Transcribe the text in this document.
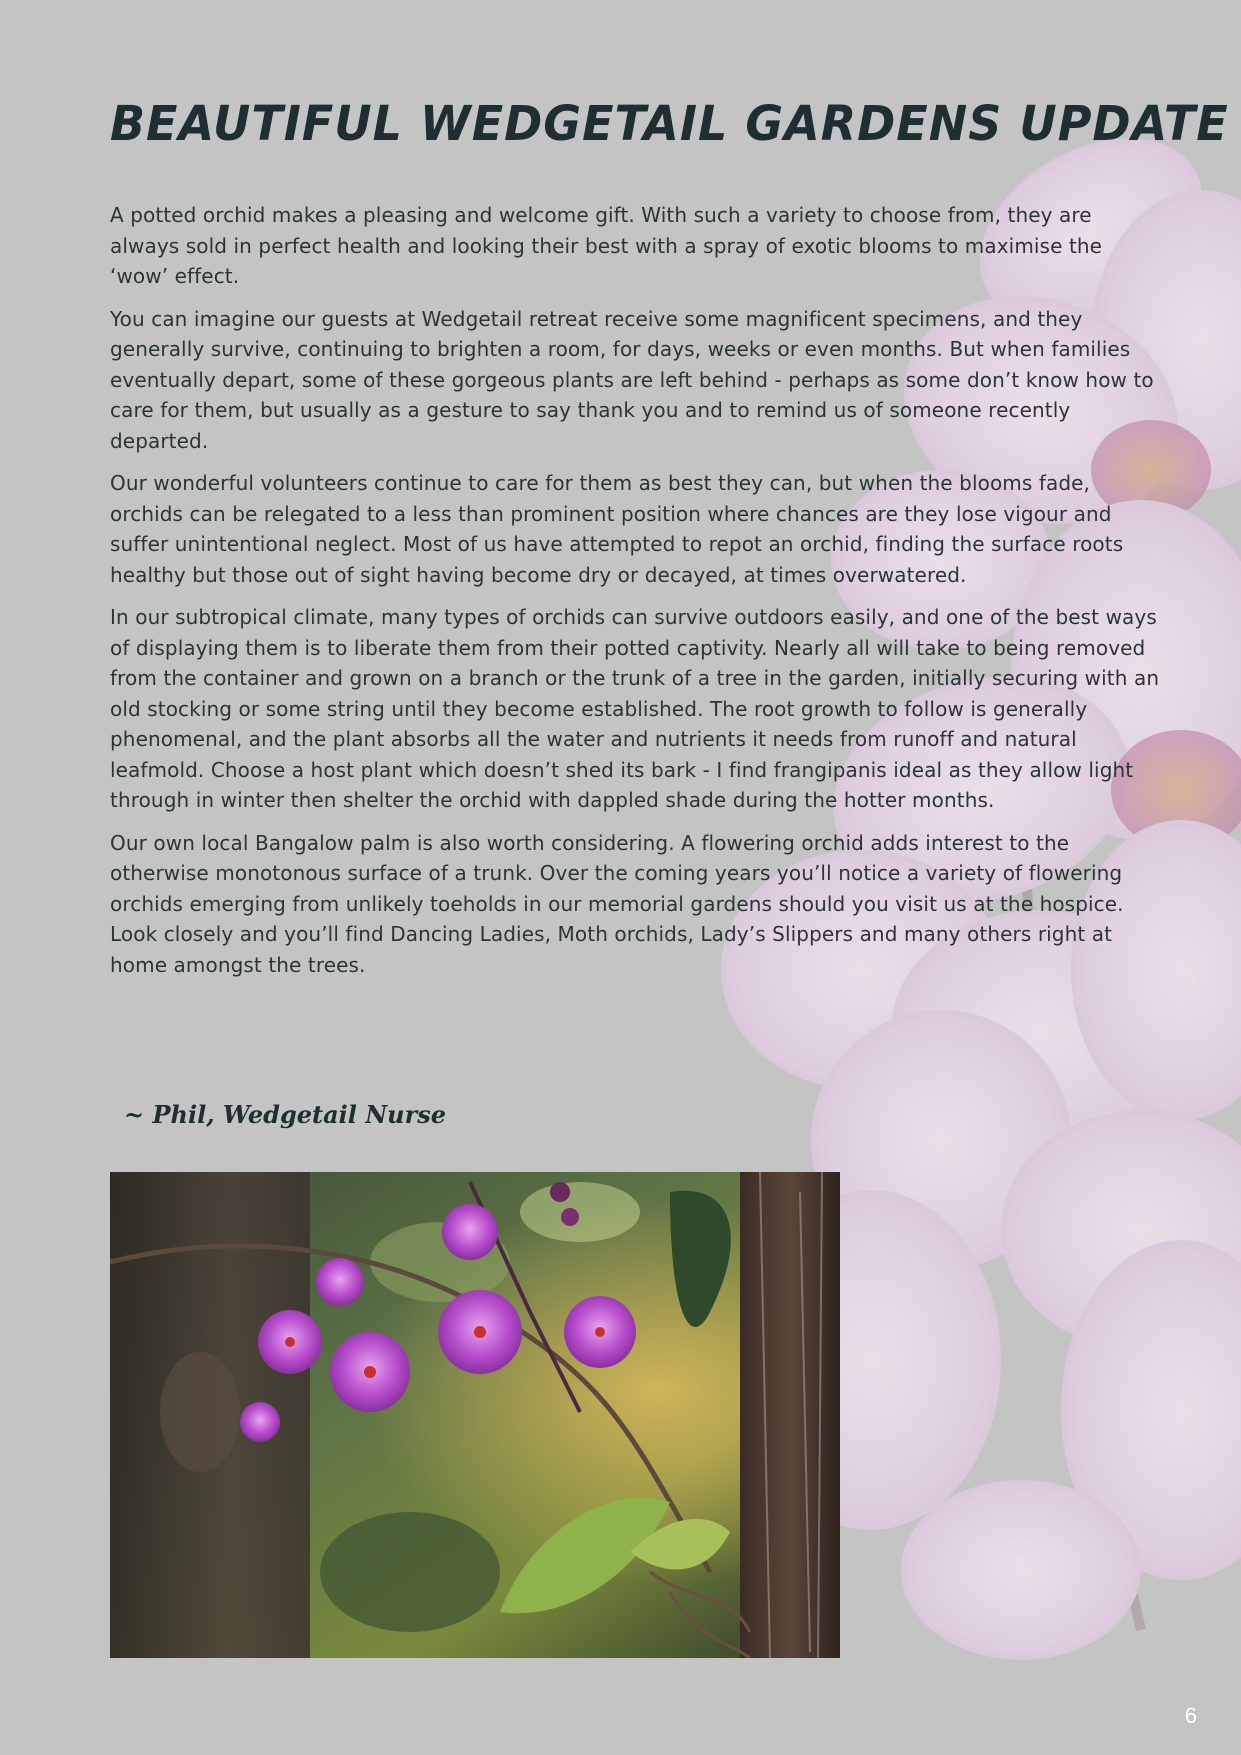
BEAUTIFUL WEDGETAIL GARDENS UPDATE

A potted orchid makes a pleasing and welcome gift. With such a variety to choose from, they are always sold in perfect health and looking their best with a spray of exotic blooms to maximise the ‘wow’ effect.

You can imagine our guests at Wedgetail retreat receive some magnificent specimens, and they generally survive, continuing to brighten a room, for days, weeks or even months. But when families eventually depart, some of these gorgeous plants are left behind - perhaps as some don’t know how to care for them, but usually as a gesture to say thank you and to remind us of someone recently departed.

Our wonderful volunteers continue to care for them as best they can, but when the blooms fade, orchids can be relegated to a less than prominent position where chances are they lose vigour and suffer unintentional neglect. Most of us have attempted to repot an orchid, finding the surface roots healthy but those out of sight having become dry or decayed, at times overwatered.

In our subtropical climate, many types of orchids can survive outdoors easily, and one of the best ways of displaying them is to liberate them from their potted captivity. Nearly all will take to being removed from the container and grown on a branch or the trunk of a tree in the garden, initially securing with an old stocking or some string until they become established. The root growth to follow is generally phenomenal, and the plant absorbs all the water and nutrients it needs from runoff and natural leafmold. Choose a host plant which doesn’t shed its bark - I find frangipanis ideal as they allow light through in winter then shelter the orchid with dappled shade during the hotter months.

Our own local Bangalow palm is also worth considering. A flowering orchid adds interest to the otherwise monotonous surface of a trunk. Over the coming years you’ll notice a variety of flowering orchids emerging from unlikely toeholds in our memorial gardens should you visit us at the hospice. Look closely and you’ll find Dancing Ladies, Moth orchids, Lady’s Slippers and many others right at home amongst the trees.

~ Phil, Wedgetail Nurse

6
